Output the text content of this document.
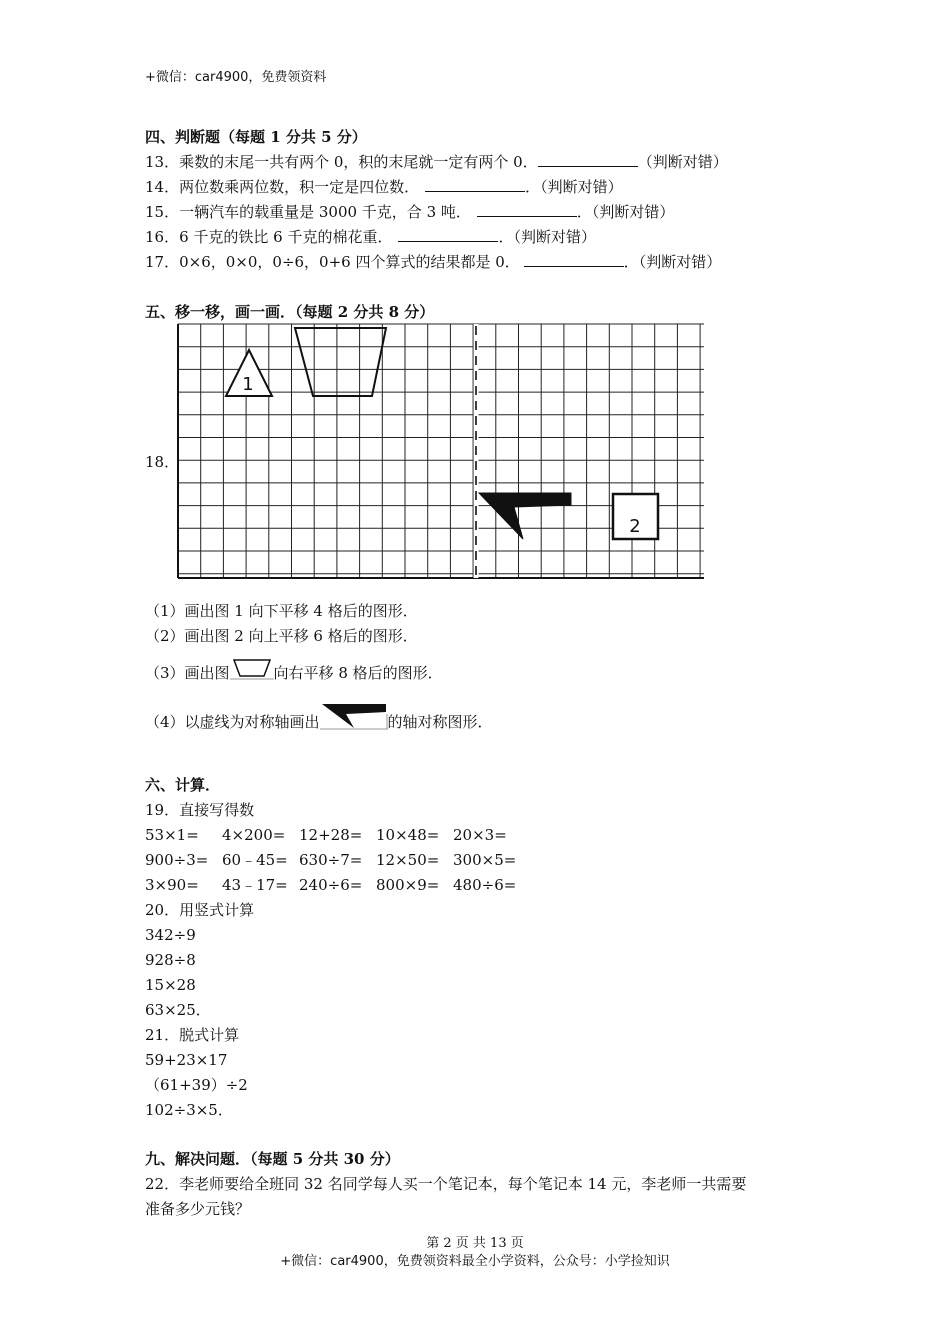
+微信：car4900，免费领资料
四、判断题（每题 1 分共 5 分）
13．乘数的末尾一共有两个 0，积的末尾就一定有两个 0．	（判断对错）
14．两位数乘两位数，积一定是四位数．	．（判断对错）
15．一辆汽车的载重量是 3000 千克，合 3 吨．	．（判断对错）
16．6 千克的铁比 6 千克的棉花重．	．（判断对错）
17．0×6，0×0，0÷6，0+6 四个算式的结果都是 0．	．（判断对错）
五、移一移，画一画．（每题 2 分共 8 分）
18．
1
2
（1）画出图 1 向下平移 4 格后的图形．
（2）画出图 2 向上平移 6 格后的图形．
（3）画出图	向右平移 8 格后的图形．
（4）以虚线为对称轴画出	的轴对称图形．
六、计算．
19．直接写得数
53×1= 4×200= 12+28= 10×48= 20×3=
900÷3= 60﹣45= 630÷7= 12×50= 300×5=
3×90= 43﹣17= 240÷6= 800×9= 480÷6=
20．用竖式计算
342÷9
928÷8
15×28
63×25．
21．脱式计算
59+23×17
（61+39）÷2
102÷3×5．
九、解决问题．（每题 5 分共 30 分）
22．李老师要给全班同 32 名同学每人买一个笔记本，每个笔记本 14 元，李老师一共需要
准备多少元钱？
第 2 页 共 13 页
+微信：car4900，免费领资料最全小学资料，公众号：小学捡知识
